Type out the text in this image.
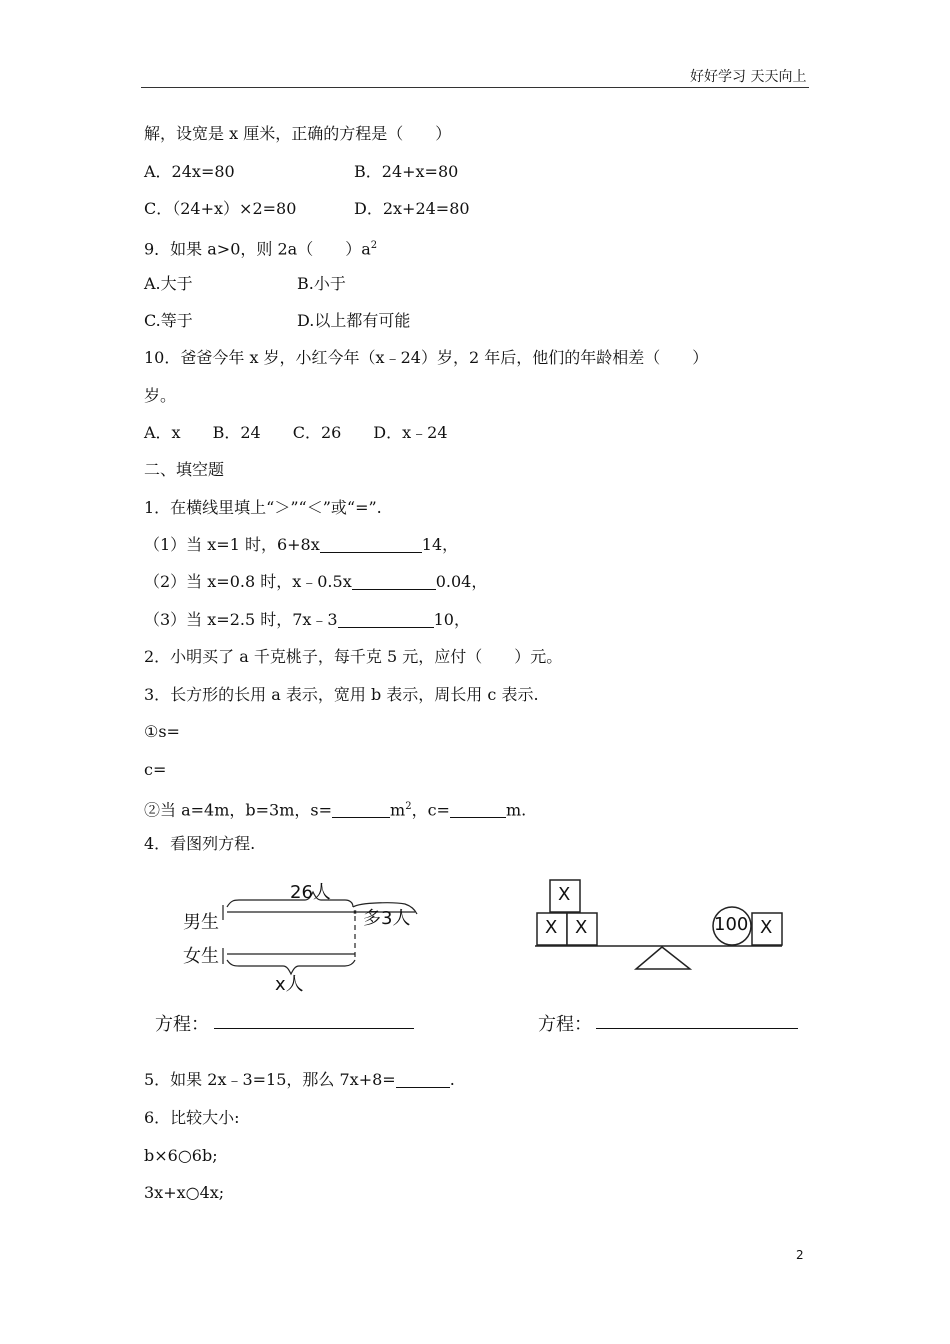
好好学习 天天向上
解，设宽是 x 厘米，正确的方程是（　　）
A．24x=80	B．24+x=80
C．（24+x）×2=80	D．2x+24=80
9．如果 a>0，则 2a（　　）$a^2$
A.大于	B.小于
C.等于	D.以上都有可能
10．爸爸今年 x 岁，小红今年（x﹣24）岁，2 年后，他们的年龄相差（　　）
岁。
A．x　　B．24　　C．26　　D．x﹣24
二、填空题
1．在横线里填上“＞”“＜”或“=”.
（1）当 x=1 时，6+8x	14，
（2）当 x=0.8 时，x﹣0.5x	0.04，
（3）当 x=2.5 时，7x﹣3	10，
2．小明买了 a 千克桃子，每千克 5 元，应付（　　）元。
3．长方形的长用 a 表示，宽用 b 表示，周长用 c 表示.
①s=
c=
②当 a=4m，b=3m，s=	$m^2$，c=	m.
4．看图列方程.
26人
男生	多3人
女生
x人
方程：
X
X X	100 X
方程：
5．如果 2x﹣3=15，那么 7x+8=	.
6．比较大小:
b×6○6b;
3x+x○4x;
2
